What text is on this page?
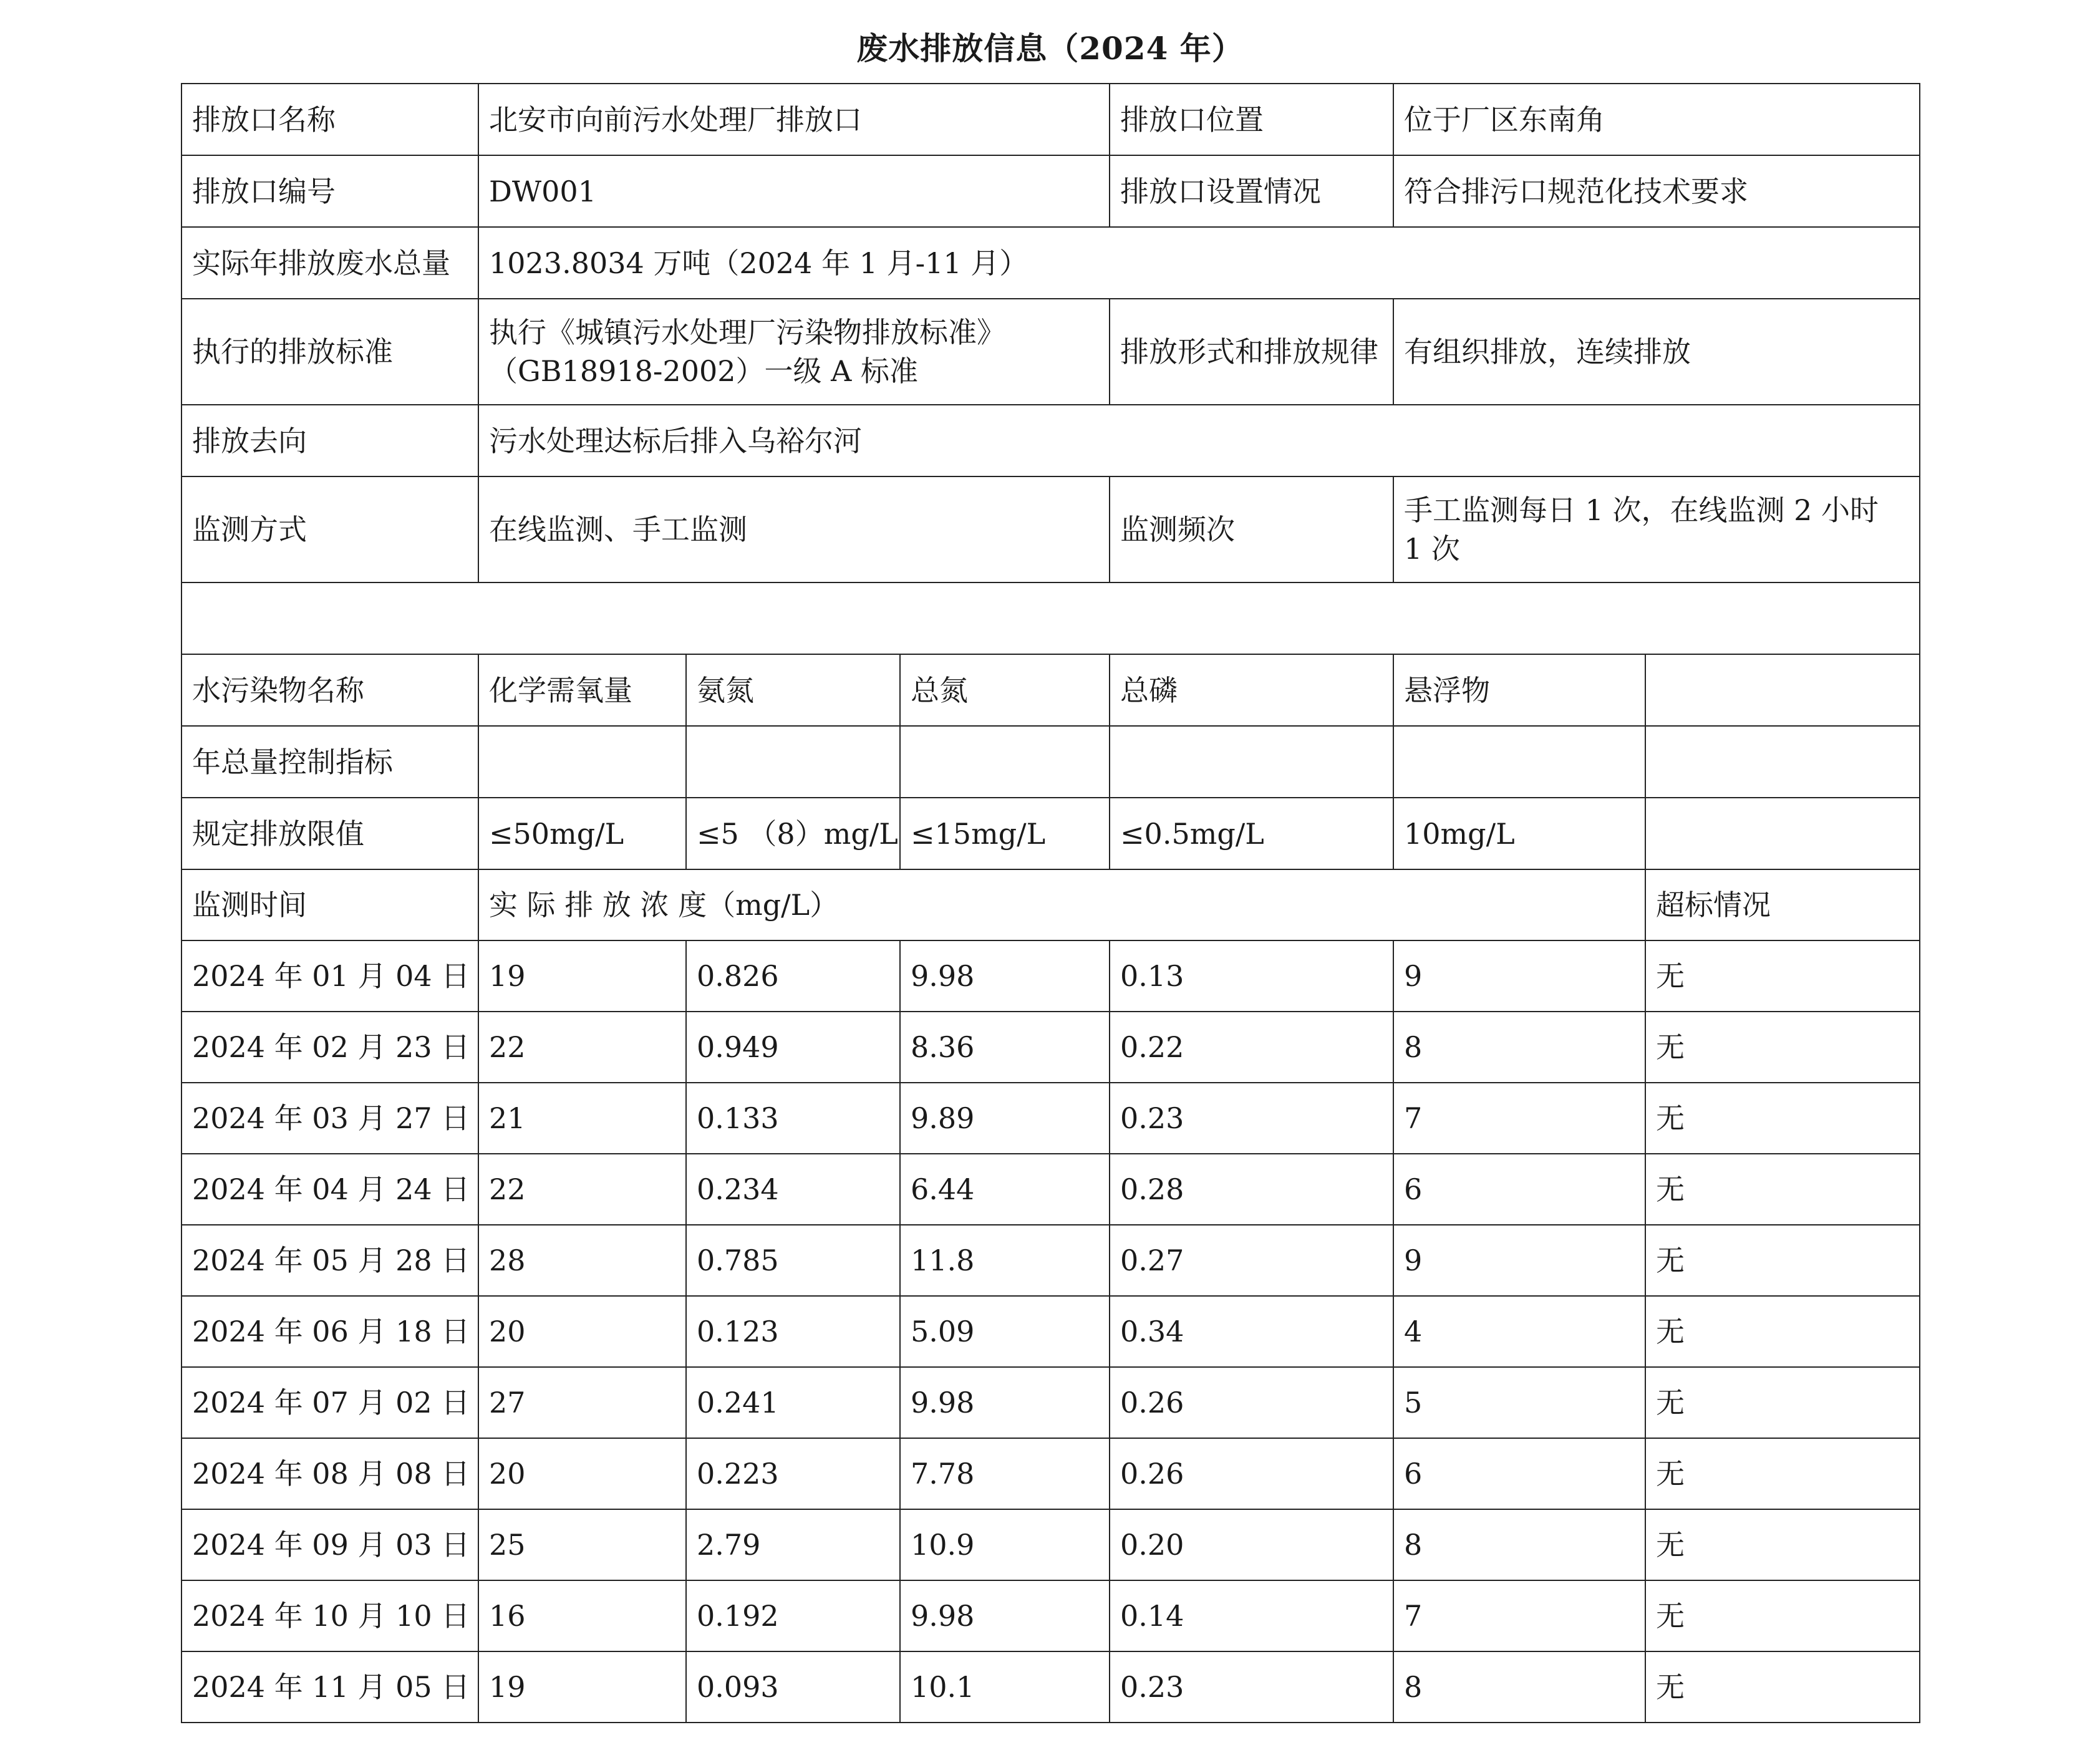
废水排放信息（2024 年）
排放口名称	北安市向前污水处理厂排放口			排放口位置	位于厂区东南角	
排放口编号	DW001			排放口设置情况	符合排污口规范化技术要求	
实际年排放废水总量	1023.8034 万吨（2024 年 1 月-11 月）					
执行的排放标准	执行《城镇污水处理厂污染物排放标准》
（GB18918-2002）一级 A 标准			排放形式和排放规律	有组织排放，连续排放	
排放去向	污水处理达标后排入乌裕尔河					
监测方式	在线监测、手工监测			监测频次	手工监测每日 1 次，在线监测 2 小时
1 次	

水污染物名称	化学需氧量	氨氮	总氮	总磷	悬浮物	
年总量控制指标						
规定排放限值	≤50mg/L	≤5 （8）mg/L	≤15mg/L	≤0.5mg/L	10mg/L	
监测时间	实 际 排 放 浓 度（mg/L）					超标情况
2024 年 01 月 04 日	19	0.826	9.98	0.13	9	无
2024 年 02 月 23 日	22	0.949	8.36	0.22	8	无
2024 年 03 月 27 日	21	0.133	9.89	0.23	7	无
2024 年 04 月 24 日	22	0.234	6.44	0.28	6	无
2024 年 05 月 28 日	28	0.785	11.8	0.27	9	无
2024 年 06 月 18 日	20	0.123	5.09	0.34	4	无
2024 年 07 月 02 日	27	0.241	9.98	0.26	5	无
2024 年 08 月 08 日	20	0.223	7.78	0.26	6	无
2024 年 09 月 03 日	25	2.79	10.9	0.20	8	无
2024 年 10 月 10 日	16	0.192	9.98	0.14	7	无
2024 年 11 月 05 日	19	0.093	10.1	0.23	8	无
